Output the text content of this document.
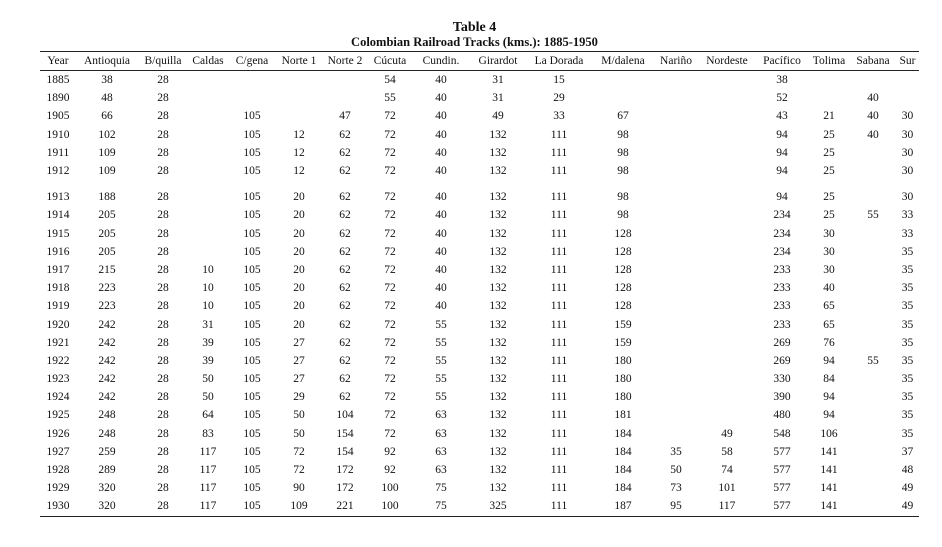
Table 4
Colombian Railroad Tracks (kms.): 1885-1950
Year	Antioquia	B/quilla	Caldas	C/gena	Norte 1	Norte 2	Cúcuta	Cundin.	Girardot	La Dorada	M/dalena	Nariño	Nordeste	Pacífico	Tolima	Sabana	Sur
1885	38	28					54	40	31	15				38			
1890	48	28					55	40	31	29				52		40	
1905	66	28		105		47	72	40	49	33	67			43	21	40	30
1910	102	28		105	12	62	72	40	132	111	98			94	25	40	30
1911	109	28		105	12	62	72	40	132	111	98			94	25		30
1912	109	28		105	12	62	72	40	132	111	98			94	25		30
1913	188	28		105	20	62	72	40	132	111	98			94	25		30
1914	205	28		105	20	62	72	40	132	111	98			234	25	55	33
1915	205	28		105	20	62	72	40	132	111	128			234	30		33
1916	205	28		105	20	62	72	40	132	111	128			234	30		35
1917	215	28	10	105	20	62	72	40	132	111	128			233	30		35
1918	223	28	10	105	20	62	72	40	132	111	128			233	40		35
1919	223	28	10	105	20	62	72	40	132	111	128			233	65		35
1920	242	28	31	105	20	62	72	55	132	111	159			233	65		35
1921	242	28	39	105	27	62	72	55	132	111	159			269	76		35
1922	242	28	39	105	27	62	72	55	132	111	180			269	94	55	35
1923	242	28	50	105	27	62	72	55	132	111	180			330	84		35
1924	242	28	50	105	29	62	72	55	132	111	180			390	94		35
1925	248	28	64	105	50	104	72	63	132	111	181			480	94		35
1926	248	28	83	105	50	154	72	63	132	111	184		49	548	106		35
1927	259	28	117	105	72	154	92	63	132	111	184	35	58	577	141		37
1928	289	28	117	105	72	172	92	63	132	111	184	50	74	577	141		48
1929	320	28	117	105	90	172	100	75	132	111	184	73	101	577	141		49
1930	320	28	117	105	109	221	100	75	325	111	187	95	117	577	141		49
